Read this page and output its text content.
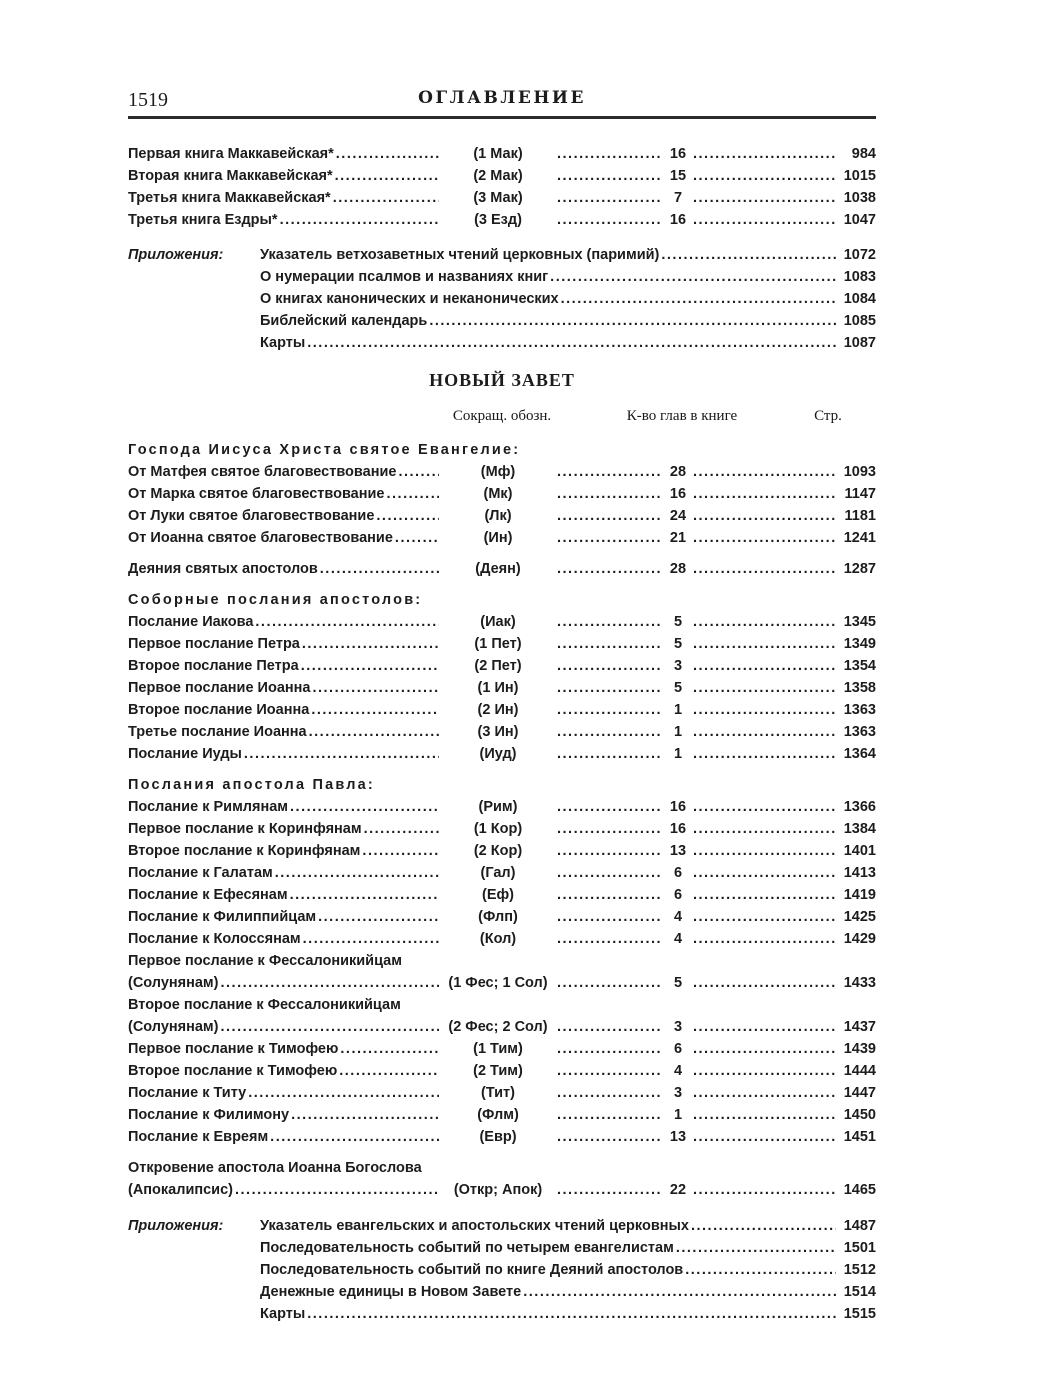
1519	ОГЛАВЛЕНИЕ
Первая книга Маккавейская* .....	(1 Мак) .....	16 .....	984
Вторая книга Маккавейская* .....	(2 Мак) .....	15 .....	1015
Третья книга Маккавейская* .....	(3 Мак) .....	7 .....	1038
Третья книга Ездры* .....	(3 Езд) .....	16 .....	1047
Приложения:	Указатель ветхозаветных чтений церковных (паримий) .....	1072
О нумерации псалмов и названиях книг .....	1083
О книгах канонических и неканонических .....	1084
Библейский календарь .....	1085
Карты .....	1087
НОВЫЙ ЗАВЕТ
Сокращ. обозн.	К-во глав в книге	Стр.
Господа Иисуса Христа святое Евангелие:
От Матфея святое благовествование .....	(Мф) .....	28 .....	1093
От Марка святое благовествование .....	(Мк) .....	16 .....	1147
От Луки святое благовествование .....	(Лк) .....	24 .....	1181
От Иоанна святое благовествование .....	(Ин) .....	21 .....	1241
Деяния святых апостолов .....	(Деян) .....	28 .....	1287
Соборные послания апостолов:
Послание Иакова .....	(Иак) .....	5 .....	1345
Первое послание Петра .....	(1 Пет) .....	5 .....	1349
Второе послание Петра .....	(2 Пет) .....	3 .....	1354
Первое послание Иоанна .....	(1 Ин) .....	5 .....	1358
Второе послание Иоанна .....	(2 Ин) .....	1 .....	1363
Третье послание Иоанна .....	(3 Ин) .....	1 .....	1363
Послание Иуды .....	(Иуд) .....	1 .....	1364
Послания апостола Павла:
Послание к Римлянам .....	(Рим) .....	16 .....	1366
Первое послание к Коринфянам .....	(1 Кор) .....	16 .....	1384
Второе послание к Коринфянам .....	(2 Кор) .....	13 .....	1401
Послание к Галатам .....	(Гал) .....	6 .....	1413
Послание к Ефесянам .....	(Еф) .....	6 .....	1419
Послание к Филиппийцам .....	(Флп) .....	4 .....	1425
Послание к Колоссянам .....	(Кол) .....	4 .....	1429
Первое послание к Фессалоникийцам
(Солунянам) .....	(1 Фес; 1 Сол) .....	5 .....	1433
Второе послание к Фессалоникийцам
(Солунянам) .....	(2 Фес; 2 Сол) .....	3 .....	1437
Первое послание к Тимофею .....	(1 Тим) .....	6 .....	1439
Второе послание к Тимофею .....	(2 Тим) .....	4 .....	1444
Послание к Титу .....	(Тит) .....	3 .....	1447
Послание к Филимону .....	(Флм) .....	1 .....	1450
Послание к Евреям .....	(Евр) .....	13 .....	1451
Откровение апостола Иоанна Богослова
(Апокалипсис) .....	(Откр; Апок) .....	22 .....	1465
Приложения:	Указатель евангельских и апостольских чтений церковных .....	1487
Последовательность событий по четырем евангелистам .....	1501
Последовательность событий по книге Деяний апостолов .....	1512
Денежные единицы в Новом Завете .....	1514
Карты .....	1515
